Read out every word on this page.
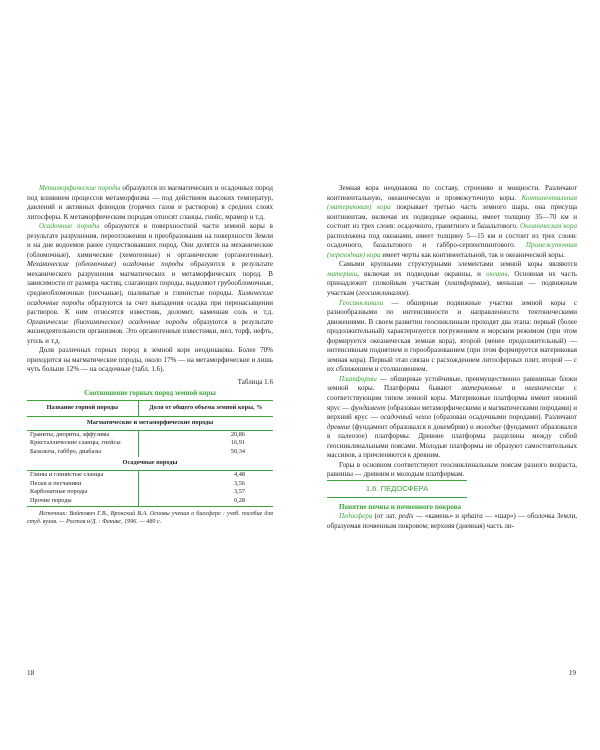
Метаморфические породы образуются из магматических и осадочных пород под влиянием процессов метаморфизма — под действием высоких температур, давлений и активных флюидов (горячих газов и растворов) в средних слоях литосферы. К метаморфическим породам относят сланцы, гнейс, мрамор и т.д.

Осадочные породы образуются в поверхностной части земной коры в результате разрушения, переотложения и преобразования на поверхности Земли и на дне водоемов ранее существовавших пород. Они делятся на механические (обломочные), химические (хемогенные) и органические (органогенные). Механические (обломочные) осадочные породы образуются в результате механического разрушения магматических и метаморфических пород. В зависимости от размера частиц, слагающих породы, выделяют грубообломочные, среднеобломочные (песчаные), пылеватые и глинистые породы. Химические осадочные породы образуются за счет выпадения осадка при перенасыщении растворов. К ним относятся известняк, доломит, каменная соль и т.д. Органические (биохимические) осадочные породы образуются в результате жизнедеятельности организмов. Это органогенные известняки, мел, торф, нефть, уголь и т.д.

Доля различных горных пород в земной коре неодинакова. Более 70% приходится на магматические породы, около 17% — на метаморфические и лишь чуть больше 12% — на осадочные (табл. 1.6).

Таблица 1.6

Соотношение горных пород земной коры

Название горной породы	Доля от общего объема земной коры, %
Магматические и метаморфические породы	
Граниты, диориты, эффузивы	20,86
Кристаллические сланцы, гнейсы	16,91
Базальты, габбро, диабазы	50,34
Осадочные породы	
Глины и глинистые сланцы	4,48
Пески и песчаники	3,56
Карбонатные породы	3,57
Прочие породы	0,28

Источник: Войтович Г.В., Вронский В.А. Основы учения о биосфере : учеб. пособие для студ. вузов. — Ростов н/Д. : Феникс, 1996. — 480 с.

18

Земная кора неоднакова по составу, строению и мощности. Различают континентальную, океаническую и промежуточную коры. Континентальная (материковая) кора покрывает третью часть земного шара, она присуща континентам, включая их подводные окраины, имеет толщину 35—70 км и состоит из трех слоев: осадочного, гранитного и базальтового. Океаническая кора расположена под океанами, имеет толщину 5—15 км и состоит из трех слоев: осадочного, базальтового и габбро-серпентинитового. Промежуточная (переходная) кора имеет черты как континентальной, так и океанической коры.

Самыми крупными структурными элементами земной коры являются материки, включая их подводные окраины, и океаны. Основная их часть принадлежит спокойным участкам (платформам), меньшая — подвижным участкам (геосинклиналям).

Геосинклинали — обширные подвижные участки земной коры с разнообразными по интенсивности и направленности тектоническими движениями. В своем развитии геосинклинали проходят два этапа: первый (более продолжительный) характеризуется погружением и морским режимом (при этом формируется океаническая земная кора), второй (менее продолжительный) — интенсивным поднятием и горообразованием (при этом формируется материковая земная кора). Первый этап связан с расхождением литосферных плит, второй — с их сближением и столкновением.

Платформы — обширные устойчивые, преимущественно равнинные блоки земной коры. Платформы бывают материковые и океанические с соответствующим типом земной коры. Материковые платформы имеют нижний ярус — фундамент (образован метаморфическими и магматическими породами) и верхний ярус — осадочный чехол (образован осадочными породами). Различают древние (фундамент образовался в докембрии) и молодые (фундамент образовался в палеозое) платформы. Древние платформы разделены между собой геосинклинальными поясами. Молодые платформы не образуют самостоятельных массивов, а причленяются к древним.

Горы в основном соответствуют геосинклинальным поясам разного возраста, равнины — древним и молодым платформам.

1.6. ПЕДОСФЕРА

Понятие почвы и почвенного покрова

Педосфера (от лат. pedis — «камень» и sphaira — «шар») — оболочка Земли, образуемая почвенным покровом; верхняя (дневная) часть ли-

19
